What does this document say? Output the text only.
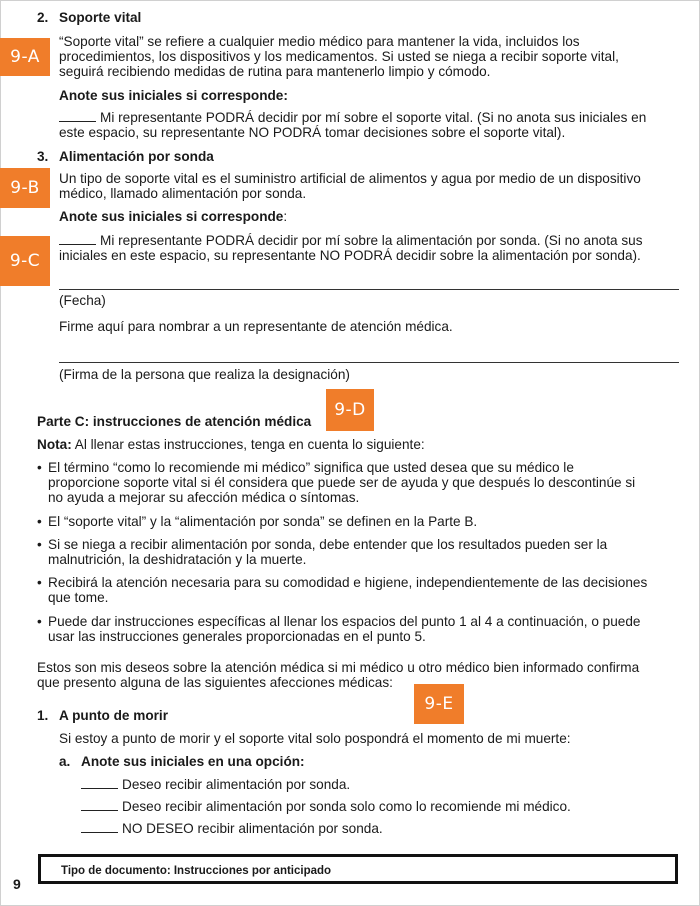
9-A
9-B
9-C
9-D
9-E
2. Soporte vital
“Soporte vital” se refiere a cualquier medio médico para mantener la vida, incluidos los
procedimientos, los dispositivos y los medicamentos. Si usted se niega a recibir soporte vital,
seguirá recibiendo medidas de rutina para mantenerlo limpio y cómodo.
Anote sus iniciales si corresponde:
Mi representante PODRÁ decidir por mí sobre el soporte vital. (Si no anota sus iniciales en
este espacio, su representante NO PODRÁ tomar decisiones sobre el soporte vital).
3. Alimentación por sonda
Un tipo de soporte vital es el suministro artificial de alimentos y agua por medio de un dispositivo
médico, llamado alimentación por sonda.
Anote sus iniciales si corresponde:
Mi representante PODRÁ decidir por mí sobre la alimentación por sonda. (Si no anota sus
iniciales en este espacio, su representante NO PODRÁ decidir sobre la alimentación por sonda).
(Fecha)
Firme aquí para nombrar a un representante de atención médica.
(Firma de la persona que realiza la designación)
Parte C: instrucciones de atención médica
Nota: Al llenar estas instrucciones, tenga en cuenta lo siguiente:
• El término “como lo recomiende mi médico” significa que usted desea que su médico le
proporcione soporte vital si él considera que puede ser de ayuda y que después lo descontinúe si
no ayuda a mejorar su afección médica o síntomas.
• El “soporte vital” y la “alimentación por sonda” se definen en la Parte B.
• Si se niega a recibir alimentación por sonda, debe entender que los resultados pueden ser la
malnutrición, la deshidratación y la muerte.
• Recibirá la atención necesaria para su comodidad e higiene, independientemente de las decisiones
que tome.
• Puede dar instrucciones específicas al llenar los espacios del punto 1 al 4 a continuación, o puede
usar las instrucciones generales proporcionadas en el punto 5.
Estos son mis deseos sobre la atención médica si mi médico u otro médico bien informado confirma
que presento alguna de las siguientes afecciones médicas:
1. A punto de morir
Si estoy a punto de morir y el soporte vital solo pospondrá el momento de mi muerte:
a. Anote sus iniciales en una opción:
Deseo recibir alimentación por sonda.
Deseo recibir alimentación por sonda solo como lo recomiende mi médico.
NO DESEO recibir alimentación por sonda.
Tipo de documento: Instrucciones por anticipado
9
